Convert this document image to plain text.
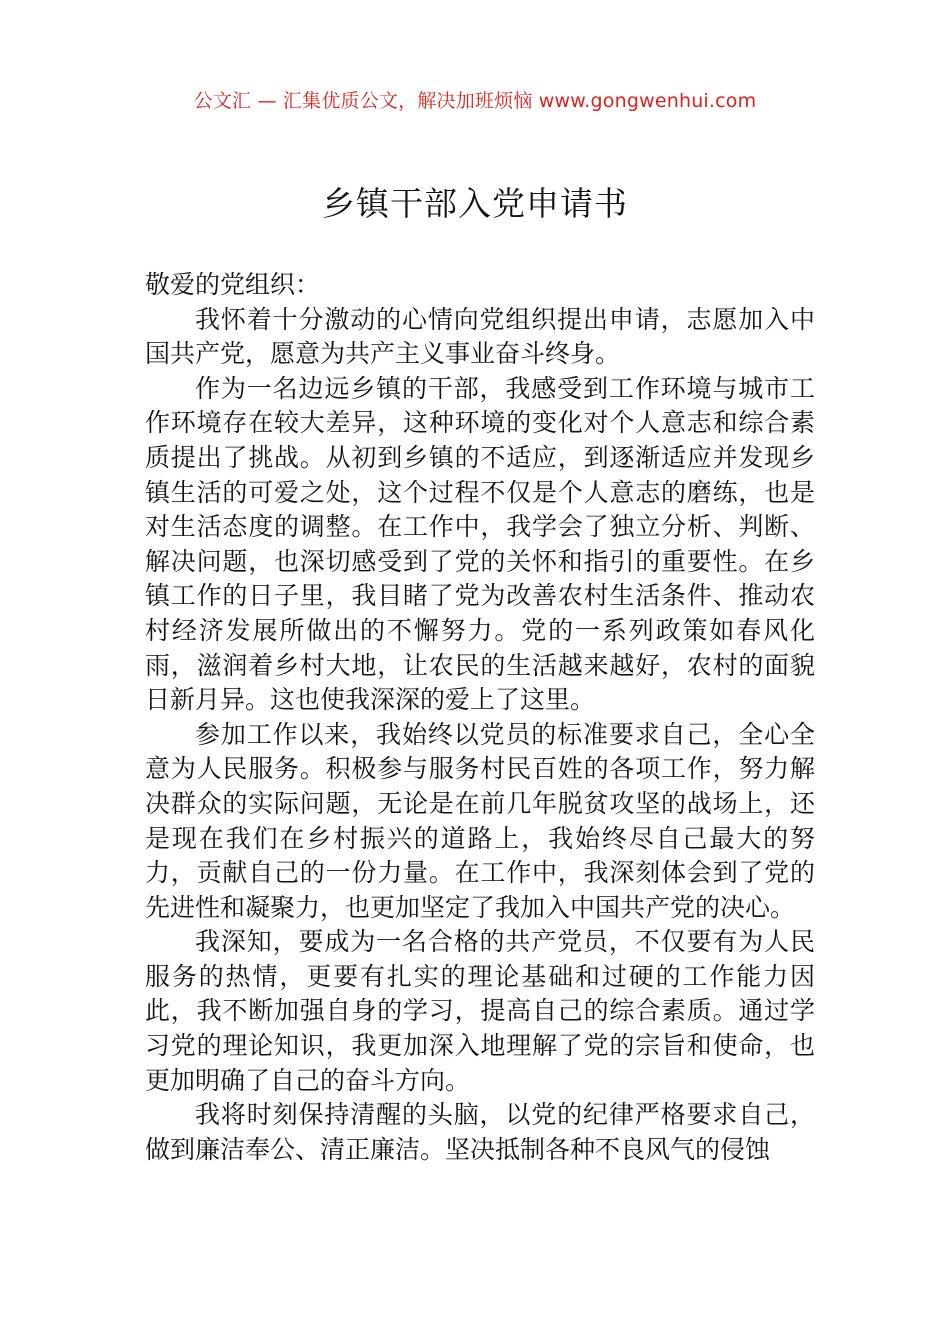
公文汇 — 汇集优质公文，解决加班烦恼 www.gongwenhui.com
乡镇干部入党申请书

敬爱的党组织：

我怀着十分激动的心情向党组织提出申请，志愿加入中国共产党，愿意为共产主义事业奋斗终身。

作为一名边远乡镇的干部，我感受到工作环境与城市工作环境存在较大差异，这种环境的变化对个人意志和综合素质提出了挑战。从初到乡镇的不适应，到逐渐适应并发现乡镇生活的可爱之处，这个过程不仅是个人意志的磨练，也是对生活态度的调整。在工作中，我学会了独立分析、判断、解决问题，也深切感受到了党的关怀和指引的重要性。在乡镇工作的日子里，我目睹了党为改善农村生活条件、推动农村经济发展所做出的不懈努力。党的一系列政策如春风化雨，滋润着乡村大地，让农民的生活越来越好，农村的面貌日新月异。这也使我深深的爱上了这里。

参加工作以来，我始终以党员的标准要求自己，全心全意为人民服务。积极参与服务村民百姓的各项工作，努力解决群众的实际问题，无论是在前几年脱贫攻坚的战场上，还是现在我们在乡村振兴的道路上，我始终尽自己最大的努力，贡献自己的一份力量。在工作中，我深刻体会到了党的先进性和凝聚力，也更加坚定了我加入中国共产党的决心。

我深知，要成为一名合格的共产党员，不仅要有为人民服务的热情，更要有扎实的理论基础和过硬的工作能力因此，我不断加强自身的学习，提高自己的综合素质。通过学习党的理论知识，我更加深入地理解了党的宗旨和使命，也更加明确了自己的奋斗方向。

我将时刻保持清醒的头脑，以党的纪律严格要求自己，做到廉洁奉公、清正廉洁。坚决抵制各种不良风气的侵蚀
